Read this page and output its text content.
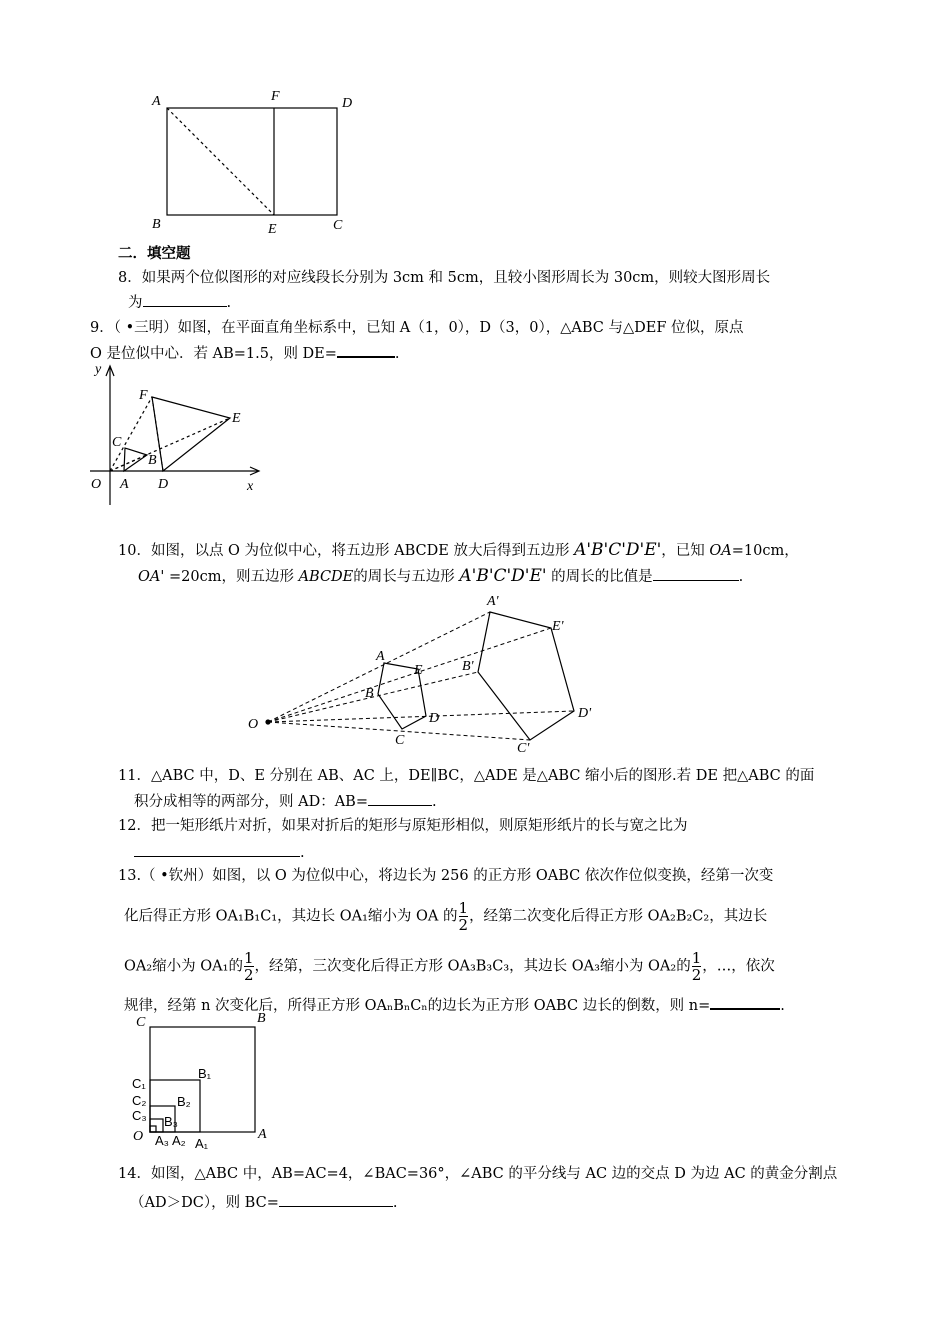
A	F	D
B	E	C
y
x
O A D
B
C
E
F
O
A
E
B
D
C
A'
E'
B'
D'
C'
C	B
O	A
C₁
B₁
C₂ B₂
C₃ B₃
A₃ A₂ A₁
二．填空题
8．如果两个位似图形的对应线段长分别为 3cm 和 5cm，且较小图形周长为 30cm，则较大图形周长
为	.
9．（ •三明）如图，在平面直角坐标系中，已知 A（1，0），D（3，0），△ABC 与△DEF 位似，原点
O 是位似中心．若 AB=1.5，则 DE=	.
10．如图，以点 O 为位似中心，将五边形 ABCDE 放大后得到五边形 A'B'C'D'E'，已知 OA=10cm，
OA' =20cm，则五边形 ABCDE的周长与五边形 A'B'C'D'E' 的周长的比值是	.
11．△ABC 中，D、E 分别在 AB、AC 上，DE∥BC，△ADE 是△ABC 缩小后的图形.若 DE 把△ABC 的面
积分成相等的两部分，则 AD：AB=	.
12．把一矩形纸片对折，如果对折后的矩形与原矩形相似，则原矩形纸片的长与宽之比为
.
13.（ •钦州）如图，以 O 为位似中心，将边长为 256 的正方形 OABC 依次作位似变换，经第一次变
化后得正方形 OA₁B₁C₁，其边长 OA₁缩小为 OA 的 $\frac{1}{2}$ ，经第二次变化后得正方形 OA₂B₂C₂，其边长
OA₂缩小为 OA₁的 $\frac{1}{2}$ ，经第，三次变化后得正方形 OA₃B₃C₃，其边长 OA₃缩小为 OA₂的 $\frac{1}{2}$ ，…，依次
规律，经第 n 次变化后，所得正方形 OAₙBₙCₙ的边长为正方形 OABC 边长的倒数，则 n=	.
14．如图，△ABC 中，AB=AC=4，∠BAC=36°，∠ABC 的平分线与 AC 边的交点 D 为边 AC 的黄金分割点
（AD＞DC），则 BC=	.
